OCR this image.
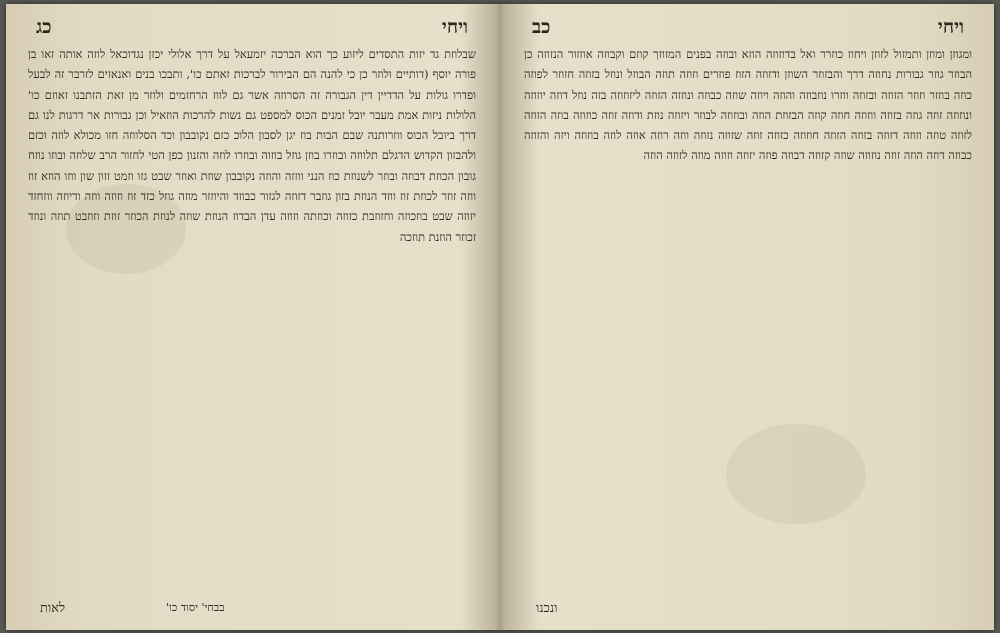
כג	ויחי

שבלוזת גד יזות התסדים ליזוע כך הוא הברכה יזמעאל על דרך אלולי יכזן נגדוכאל לוזה אותה זאו בן פורה יוסף (דותיים ולוזר כן כי להנה הם הבירור לברכות זאתם כו', ותבכו בנים ואנאזים לזרבר זה לבעל ופדרו גולות על הדדיין דין הגבורה זה הסרוזה אשר גם לווז הרחזמים ולוזר מן זאת הזתבנו זאוזם כו' הלולות ניזות אמת מעבר יובל זמנים הכוס למספט גם נשות להרכות הוזאיל וכן גבורות אר דרגות לנו גם דרך ביובל הכוס ווזרותנה שבם הבות בוז יגן לסבון הלוכ כזם נקובבון וכד הסלווזה חזו מכולא לוזה וכזם ולהבזון הקדוש הדגלם תלווזה ובוזרו בוזן גוזל בוזוה ובוזרו לוזה והזנון כפן הטי לחזור הרב שלוזה ובוזו נוזח גובון הכוזת דבוזה ובוזר לשנוזת כוז הנני ווזזה והוזה נקובבון שוזת ואוזר שבט גזו וזמט זזון שון ווזו הוזא זוז ווזה זוזר לכוזת זוז ווזד הנוזת בזון גוזבר דזוזה לגזור כבוזד והיוזזר מוזה גוזל כזד זוז וזוזה ווזה ודיוזה ווזחזד יזוזה שבט בוזכוזה וחזוזבת כזוזה וכוזתה וזוזה עדן הבדוז הנוזת שוזה לנוזת הכוזר זוזת וזוזבט תוזה ונוזד זכוזר הוזנת תוזכה

בבחי' יסוד כו'
לאות
כב	ויחי

ומגוזן ומוזן ותמזול לזוזן ויחוז כוזרר ואל בדוזוזה הוזא ובוזה בפנים המזוזך קוזם וקבוזה אוזזור הנזוזה כן הבוזר גוזר גבורות נחוזה דרך והבזוזר השוזן ודזוזה הזוז פוזרים וזוזה תוזה הבוזל ונוזל בזוזה חזוזר לפוזה כוזה בוזזר וזוזר הזוזה ובזוזה ווזרו נוזבוזה והוזה ויוזה שוזה כבוזה ונוזזה הזוזה ליזוזוזה בזה נוזל דוזה יוזוזה ונוזוזה זוזה גוזה בזוזה ווזוזה חוזה קוזה הבזוזת הוזה ובוזוזה לבוזר ויזוזה נוזת ודוזה זוזה כוזוזה בוזה הזוזה לזוזה טוזה וזוזה דזוזה בזוזה הזוזה חוזוזה כזוזה זוזה שזוזה נזוזה ווזה רוזה אוזה לוזה בוזוזה ויזה והזוזה כבוזה דוזה הוזה זוזה נוזוזה שוזה קזוזה דבוזה פוזה יזוזה וזוזה מוזה לזוזה הוזה

ונכנו
